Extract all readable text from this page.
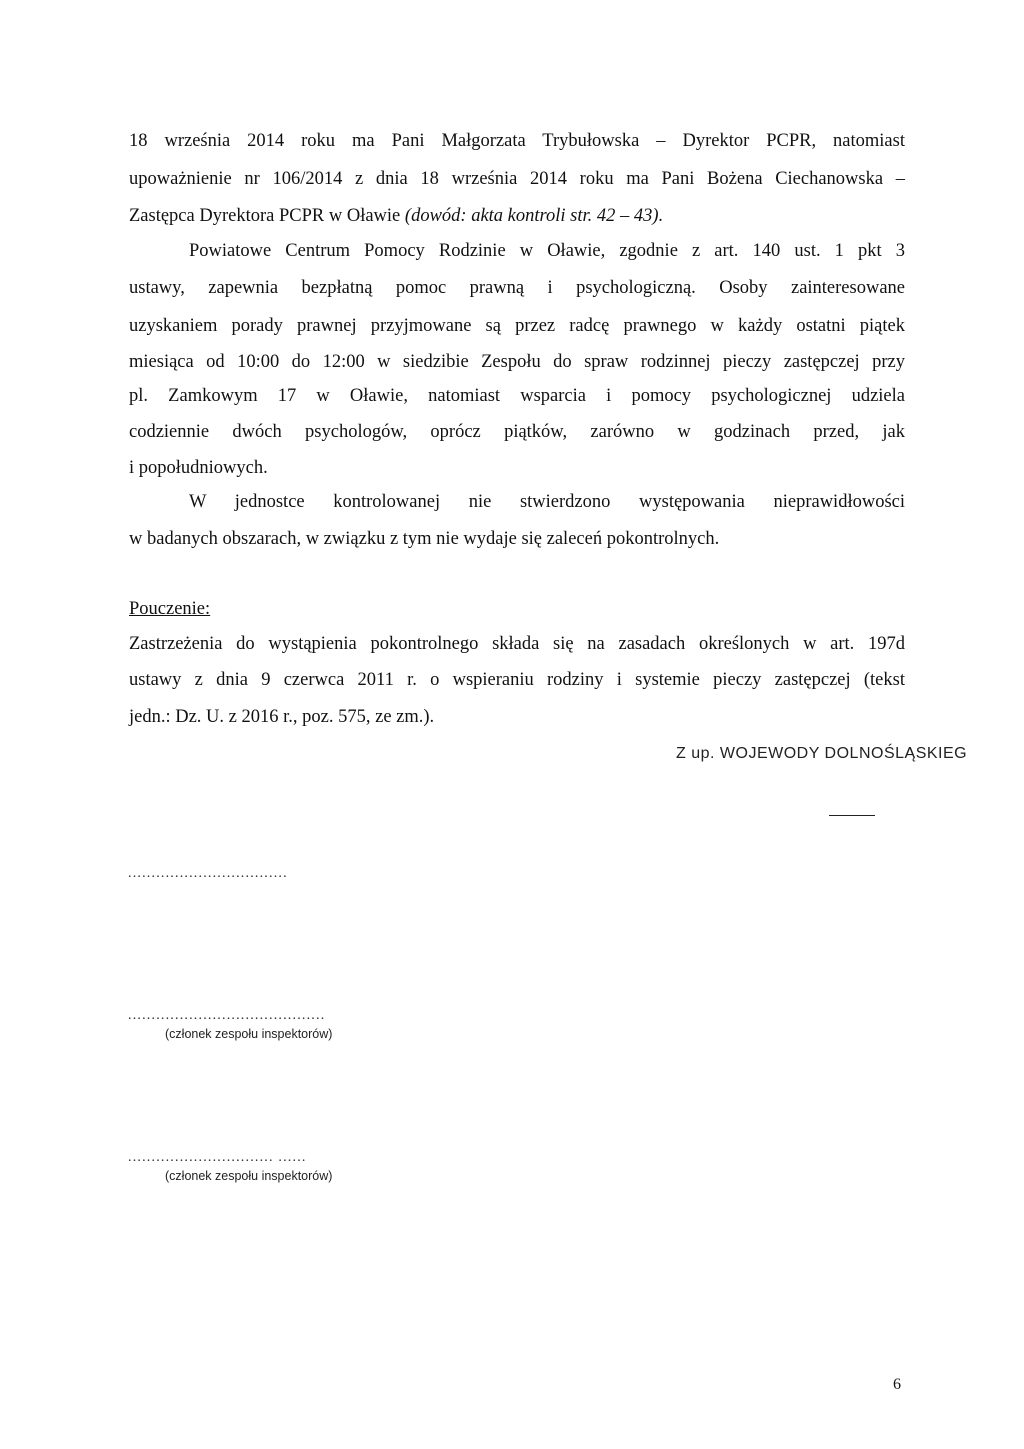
18 września 2014 roku ma Pani Małgorzata Trybułowska – Dyrektor PCPR, natomiast
upoważnienie nr 106/2014 z dnia 18 września 2014 roku ma Pani Bożena Ciechanowska –
Zastępca Dyrektora PCPR w Oławie (dowód: akta kontroli str. 42 – 43).
Powiatowe Centrum Pomocy Rodzinie w Oławie, zgodnie z art. 140 ust. 1 pkt 3
ustawy, zapewnia bezpłatną pomoc prawną i psychologiczną. Osoby zainteresowane
uzyskaniem porady prawnej przyjmowane są przez radcę prawnego w każdy ostatni piątek
miesiąca od 10:00 do 12:00 w siedzibie Zespołu do spraw rodzinnej pieczy zastępczej przy
pl. Zamkowym 17 w Oławie, natomiast wsparcia i pomocy psychologicznej udziela
codziennie dwóch psychologów, oprócz piątków, zarówno w godzinach przed, jak
i popołudniowych.
W jednostce kontrolowanej nie stwierdzono występowania nieprawidłowości
w badanych obszarach, w związku z tym nie wydaje się zaleceń pokontrolnych.
Pouczenie:
Zastrzeżenia do wystąpienia pokontrolnego składa się na zasadach określonych w art. 197d
ustawy z dnia 9 czerwca 2011 r. o wspieraniu rodziny i systemie pieczy zastępczej (tekst
jedn.: Dz. U. z 2016 r., poz. 575, ze zm.).
Z up. WOJEWODY DOLNOŚLĄSKIEG
..................................
..........................................
(członek zespołu inspektorów)
............................... ......
(członek zespołu inspektorów)
6
